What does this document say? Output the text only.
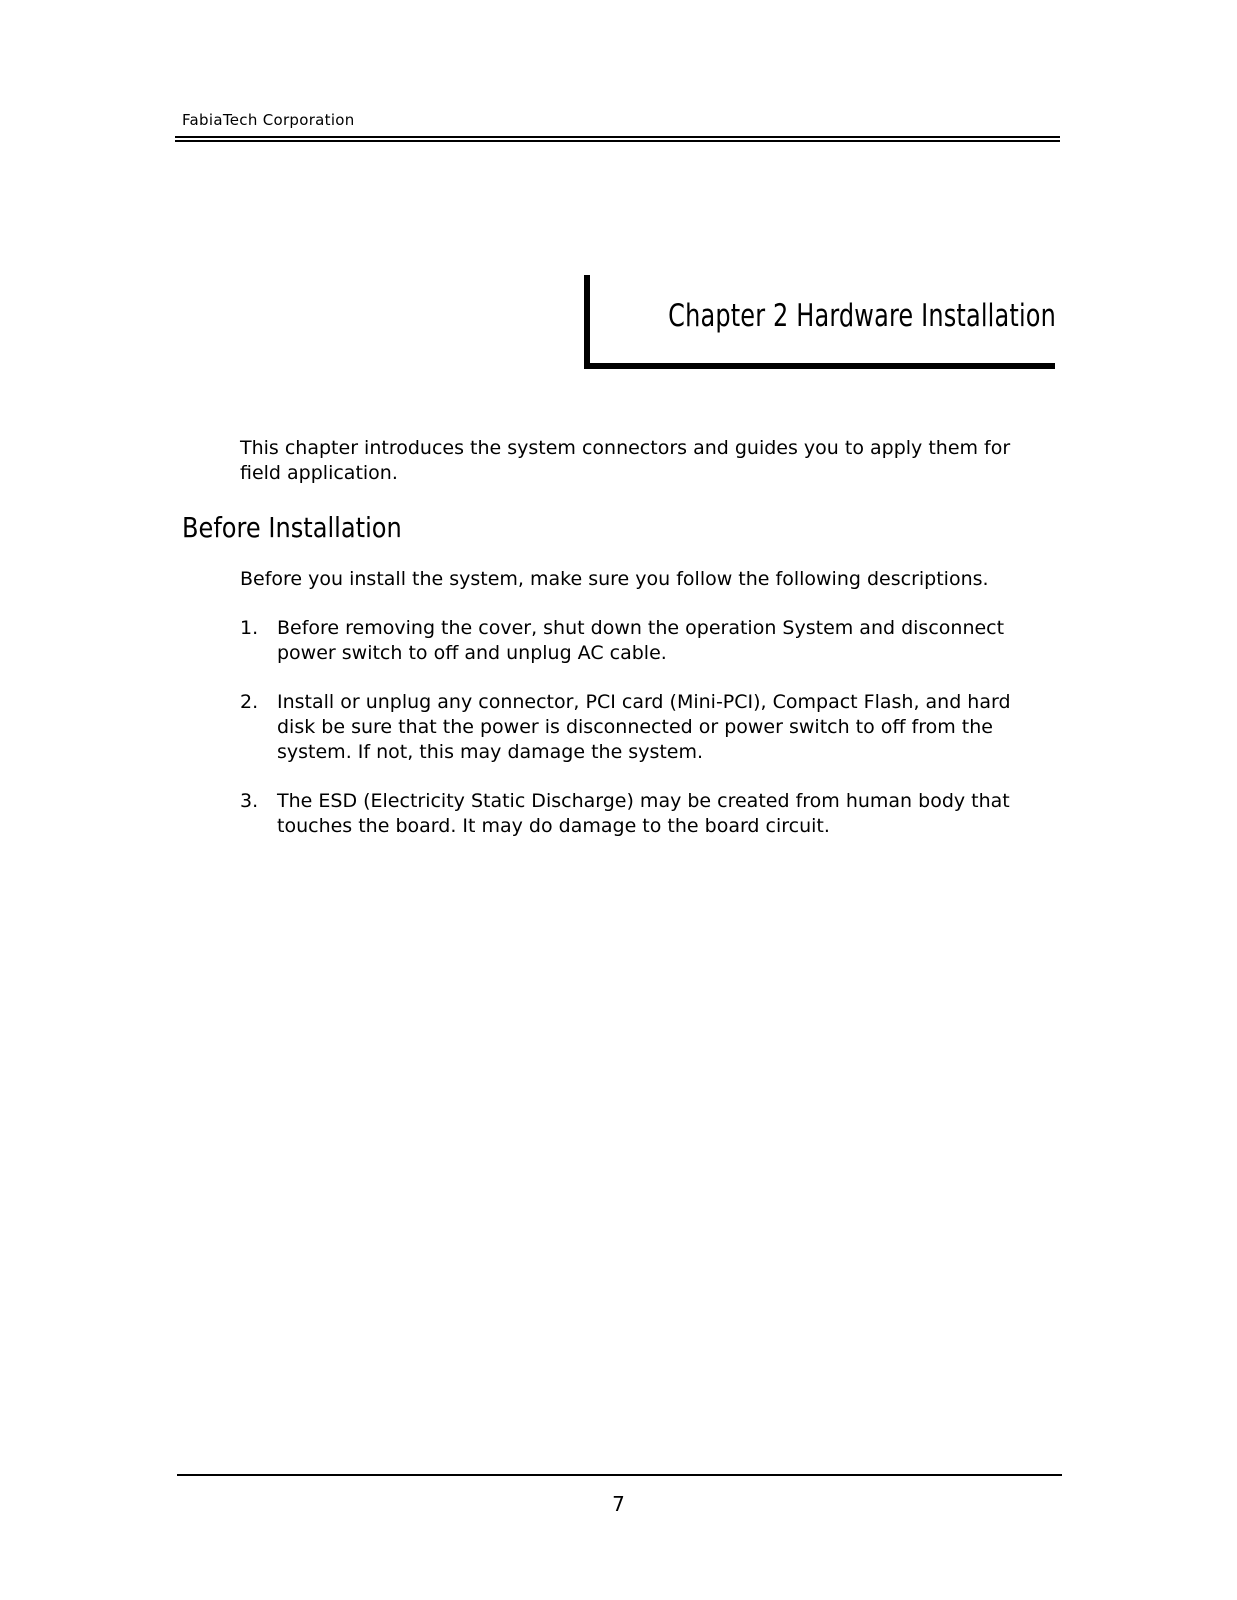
FabiaTech Corporation
Chapter 2 Hardware Installation
This chapter introduces the system connectors and guides you to apply them for field application.
Before Installation
Before you install the system, make sure you follow the following descriptions.
1. Before removing the cover, shut down the operation System and disconnect power switch to off and unplug AC cable.
2. Install or unplug any connector, PCI card (Mini-PCI), Compact Flash, and hard disk be sure that the power is disconnected or power switch to off from the system. If not, this may damage the system.
3. The ESD (Electricity Static Discharge) may be created from human body that touches the board. It may do damage to the board circuit.
7
